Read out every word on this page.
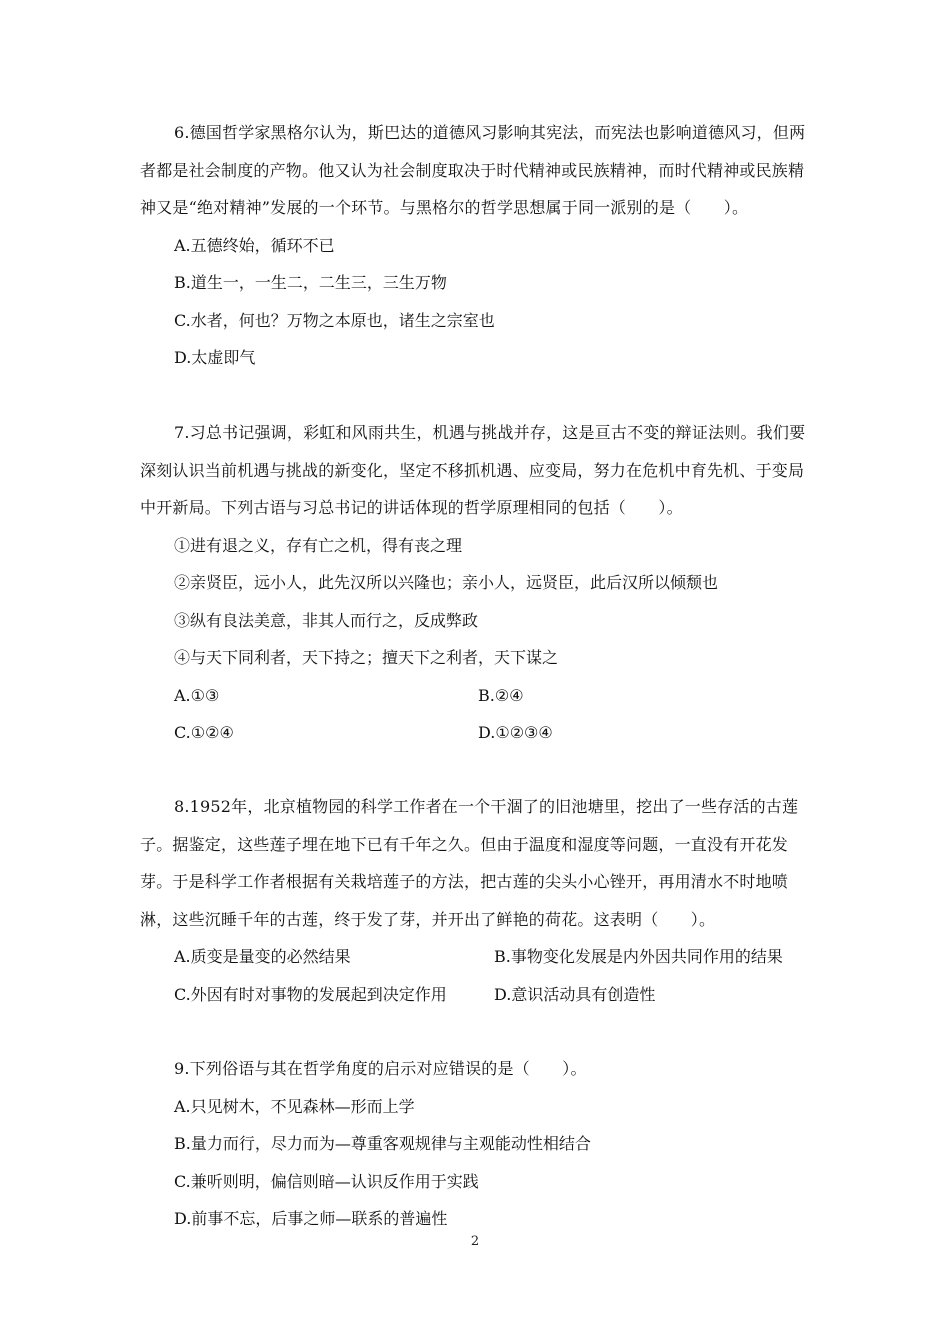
6.德国哲学家黑格尔认为，斯巴达的道德风习影响其宪法，而宪法也影响道德风习，但两者都是社会制度的产物。他又认为社会制度取决于时代精神或民族精神，而时代精神或民族精神又是“绝对精神”发展的一个环节。与黑格尔的哲学思想属于同一派别的是（　　）。

A.五德终始，循环不已

B.道生一，一生二，二生三，三生万物

C.水者，何也？万物之本原也，诸生之宗室也

D.太虚即气

7.习总书记强调，彩虹和风雨共生，机遇与挑战并存，这是亘古不变的辩证法则。我们要深刻认识当前机遇与挑战的新变化，坚定不移抓机遇、应变局，努力在危机中育先机、于变局中开新局。下列古语与习总书记的讲话体现的哲学原理相同的包括（　　）。

①进有退之义，存有亡之机，得有丧之理

②亲贤臣，远小人，此先汉所以兴隆也；亲小人，远贤臣，此后汉所以倾颓也

③纵有良法美意，非其人而行之，反成弊政

④与天下同利者，天下持之；擅天下之利者，天下谋之

A.①③	B.②④
C.①②④	D.①②③④

8.1952年，北京植物园的科学工作者在一个干涸了的旧池塘里，挖出了一些存活的古莲子。据鉴定，这些莲子埋在地下已有千年之久。但由于温度和湿度等问题，一直没有开花发芽。于是科学工作者根据有关栽培莲子的方法，把古莲的尖头小心锉开，再用清水不时地喷淋，这些沉睡千年的古莲，终于发了芽，并开出了鲜艳的荷花。这表明（　　）。

A.质变是量变的必然结果	B.事物变化发展是内外因共同作用的结果
C.外因有时对事物的发展起到决定作用	D.意识活动具有创造性

9.下列俗语与其在哲学角度的启示对应错误的是（　　）。

A.只见树木，不见森林—形而上学

B.量力而行，尽力而为—尊重客观规律与主观能动性相结合

C.兼听则明，偏信则暗—认识反作用于实践

D.前事不忘，后事之师—联系的普遍性

2
